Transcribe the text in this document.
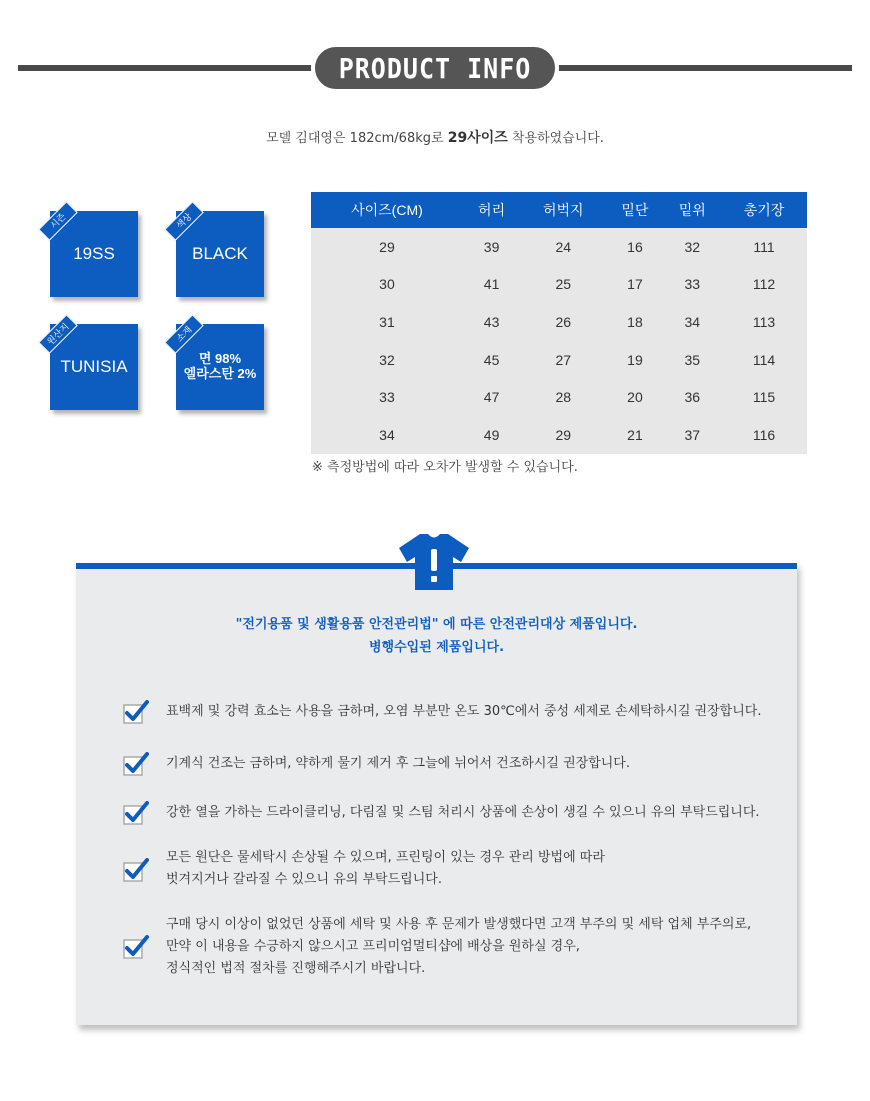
PRODUCT INFO
모델 김대영은 182cm/68kg로 29사이즈 착용하였습니다.
시즌
19SS
색상
BLACK
원산지
TUNISIA
소재
면 98%
엘라스탄 2%
사이즈(CM)	허리	허벅지	밑단	밑위	총기장
29	39	24	16	32	111
30	41	25	17	33	112
31	43	26	18	34	113
32	45	27	19	35	114
33	47	28	20	36	115
34	49	29	21	37	116
※ 측정방법에 따라 오차가 발생할 수 있습니다.
"전기용품 및 생활용품 안전관리법" 에 따른 안전관리대상 제품입니다.
병행수입된 제품입니다.
표백제 및 강력 효소는 사용을 금하며, 오염 부분만 온도 30℃에서 중성 세제로 손세탁하시길 권장합니다.
기계식 건조는 금하며, 약하게 물기 제거 후 그늘에 뉘어서 건조하시길 권장합니다.
강한 열을 가하는 드라이클리닝, 다림질 및 스팀 처리시 상품에 손상이 생길 수 있으니 유의 부탁드립니다.
모든 원단은 물세탁시 손상될 수 있으며, 프린팅이 있는 경우 관리 방법에 따라
벗겨지거나 갈라질 수 있으니 유의 부탁드립니다.
구매 당시 이상이 없었던 상품에 세탁 및 사용 후 문제가 발생했다면 고객 부주의 및 세탁 업체 부주의로,
만약 이 내용을 수긍하지 않으시고 프리미엄멀티샵에 배상을 원하실 경우,
정식적인 법적 절차를 진행해주시기 바랍니다.
